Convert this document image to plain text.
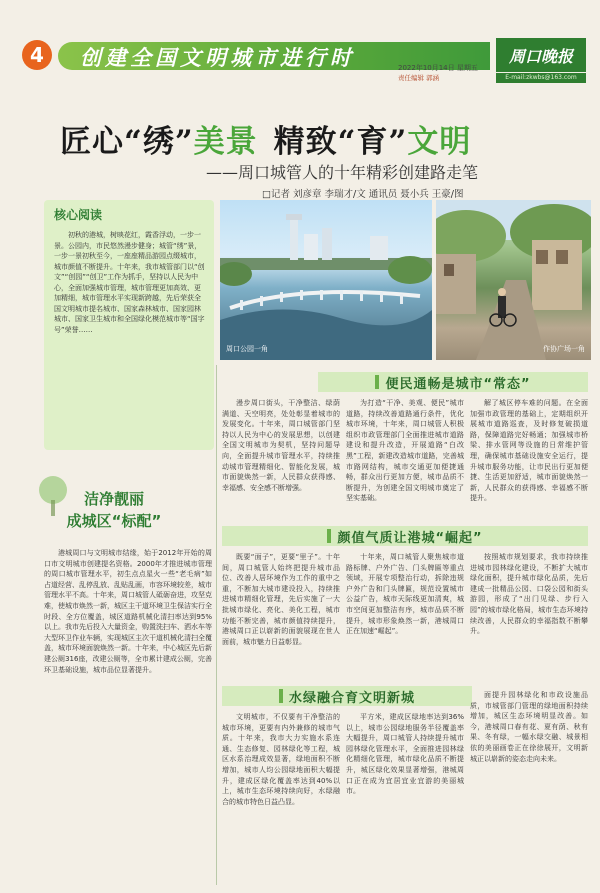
4	创建全国文明城市进行时	2022年10月14日 星期五
责任编辑 郭涵
周口晚报
E-mail:zkwbs@163.com
匠心“绣”美景 精致“育”文明
——周口城管人的十年精彩创建路走笔
□记者 刘彦章 李瑞才/文 通讯员 聂小兵 王豪/图
核心阅读
初秋的港城，树映花红，霞香浮动，一步一景。公园内，市民悠然漫步健身；城管“绣”景，一步一景初秋至今，一座座精品游园点缀城市，城市颜值不断提升。十年来，我市城管部门以“创文”“创园”“创卫”工作为抓手，坚持以人民为中心，全面加强城市管理，城市管理更加高效、更加精细，城市管理水平实现新跨越，先后荣获全国文明城市提名城市、国家森林城市、国家园林城市、国家卫生城市和全国绿化模范城市等“国字号”荣誉……
周口公园一角	作协广场一角
洁净靓丽
成城区“标配”
港城周口与文明城市结缘，始于2012年开始的周口市文明城市创建提名资格。2000年才推进城市管理的周口城市管理水平，初生点点星火一些“老毛病”如占道经营、乱停乱放、乱贴乱画，市容环境较差，城市管理水平不高。十年来，周口城管人砥砺奋进，攻坚克难，使城市焕然一新，城区主干道环境卫生保洁实行全时段、全方位覆盖，城区道路机械化清扫率达到95%以上。我市先后投入大量资金，购置洗扫车、洒水车等大型环卫作业车辆，实现城区主次干道机械化清扫全覆盖，城市环境面貌焕然一新。十年来，中心城区先后新建公厕316座，改建公厕等，全市累计建成公厕，完善环卫基础设施，城市品位显著提升。
便民通畅是城市“常态”
漫步周口街头，干净整洁、绿荫满道、天空明亮，处处彰显着城市的发展变化。十年来，周口城管部门坚持以人民为中心的发展思想，以创建全国文明城市为契机，坚持问题导向，全面提升城市管理水平，持续推动城市管理精细化、智能化发展，城市面貌焕然一新，人民群众获得感、幸福感、安全感不断增强。
为打造“干净、美观、便民”城市道路，持续改善道路通行条件，优化城市环境，十年来，周口城管人积极组织市政管理部门全面推进城市道路建设和提升改造，开展道路“白改黑”工程，新建改造城市道路，完善城市路网结构，城市交通更加便捷通畅，群众出行更加方便，城市品质不断提升，为创建全国文明城市奠定了坚实基础。
解了城区停车难的问题。在全面加强市政管理的基础上，定期组织开展城市道路巡查，及时修复破损道路，保障道路完好畅通；加强城市桥梁、排水管网等设施的日常维护管理，确保城市基础设施安全运行，提升城市服务功能，让市民出行更加便捷、生活更加舒适，城市面貌焕然一新，人民群众的获得感、幸福感不断提升。
颜值气质让港城“崛起”
既要“面子”，更要“里子”。十年间，周口城管人始终把提升城市品位、改善人居环境作为工作的重中之重，不断加大城市建设投入，持续推进城市精细化管理，先后实施了一大批城市绿化、亮化、美化工程，城市功能不断完善，城市颜值持续提升，港城周口正以崭新的面貌展现在世人面前，城市魅力日益彰显。
十年来，周口城管人聚焦城市道路标牌、户外广告、门头牌匾等重点领域，开展专项整治行动，拆除违规户外广告和门头牌匾，规范设置城市公益广告，城市天际线更加清爽，城市空间更加整洁有序，城市品质不断提升，城市形象焕然一新，港城周口正在加速“崛起”。
按照城市规划要求，我市持续推进城市园林绿化建设，不断扩大城市绿化面积，提升城市绿化品质，先后建成一批精品公园、口袋公园和街头游园，形成了“出门见绿、步行入园”的城市绿化格局，城市生态环境持续改善，人民群众的幸福指数不断攀升。
水绿融合育文明新城
文明城市，不仅要有干净整洁的城市环境，更要有内外兼修的城市气质。十年来，我市大力实施水系连通、生态修复、园林绿化等工程，城区水系治理成效显著，绿地面积不断增加，城市人均公园绿地面积大幅提升，建成区绿化覆盖率达到40%以上，城市生态环境持续向好，水绿融合的城市特色日益凸显。
平方米，建成区绿地率达到36%以上，城市公园绿地服务半径覆盖率大幅提升，周口城管人持续提升城市园林绿化管理水平，全面推进园林绿化精细化管理，城市绿化品质不断提升，城区绿化效果显著增强，港城周口正在成为宜居宜业宜游的美丽城市。
面提升园林绿化和市政设施品质，市城管部门管理的绿地面积持续增加，城区生态环境明显改善。如今，港城周口春有花、夏有荫、秋有果、冬有绿，一幅水绿交融、城景相依的美丽画卷正在徐徐展开，文明新城正以崭新的姿态走向未来。
